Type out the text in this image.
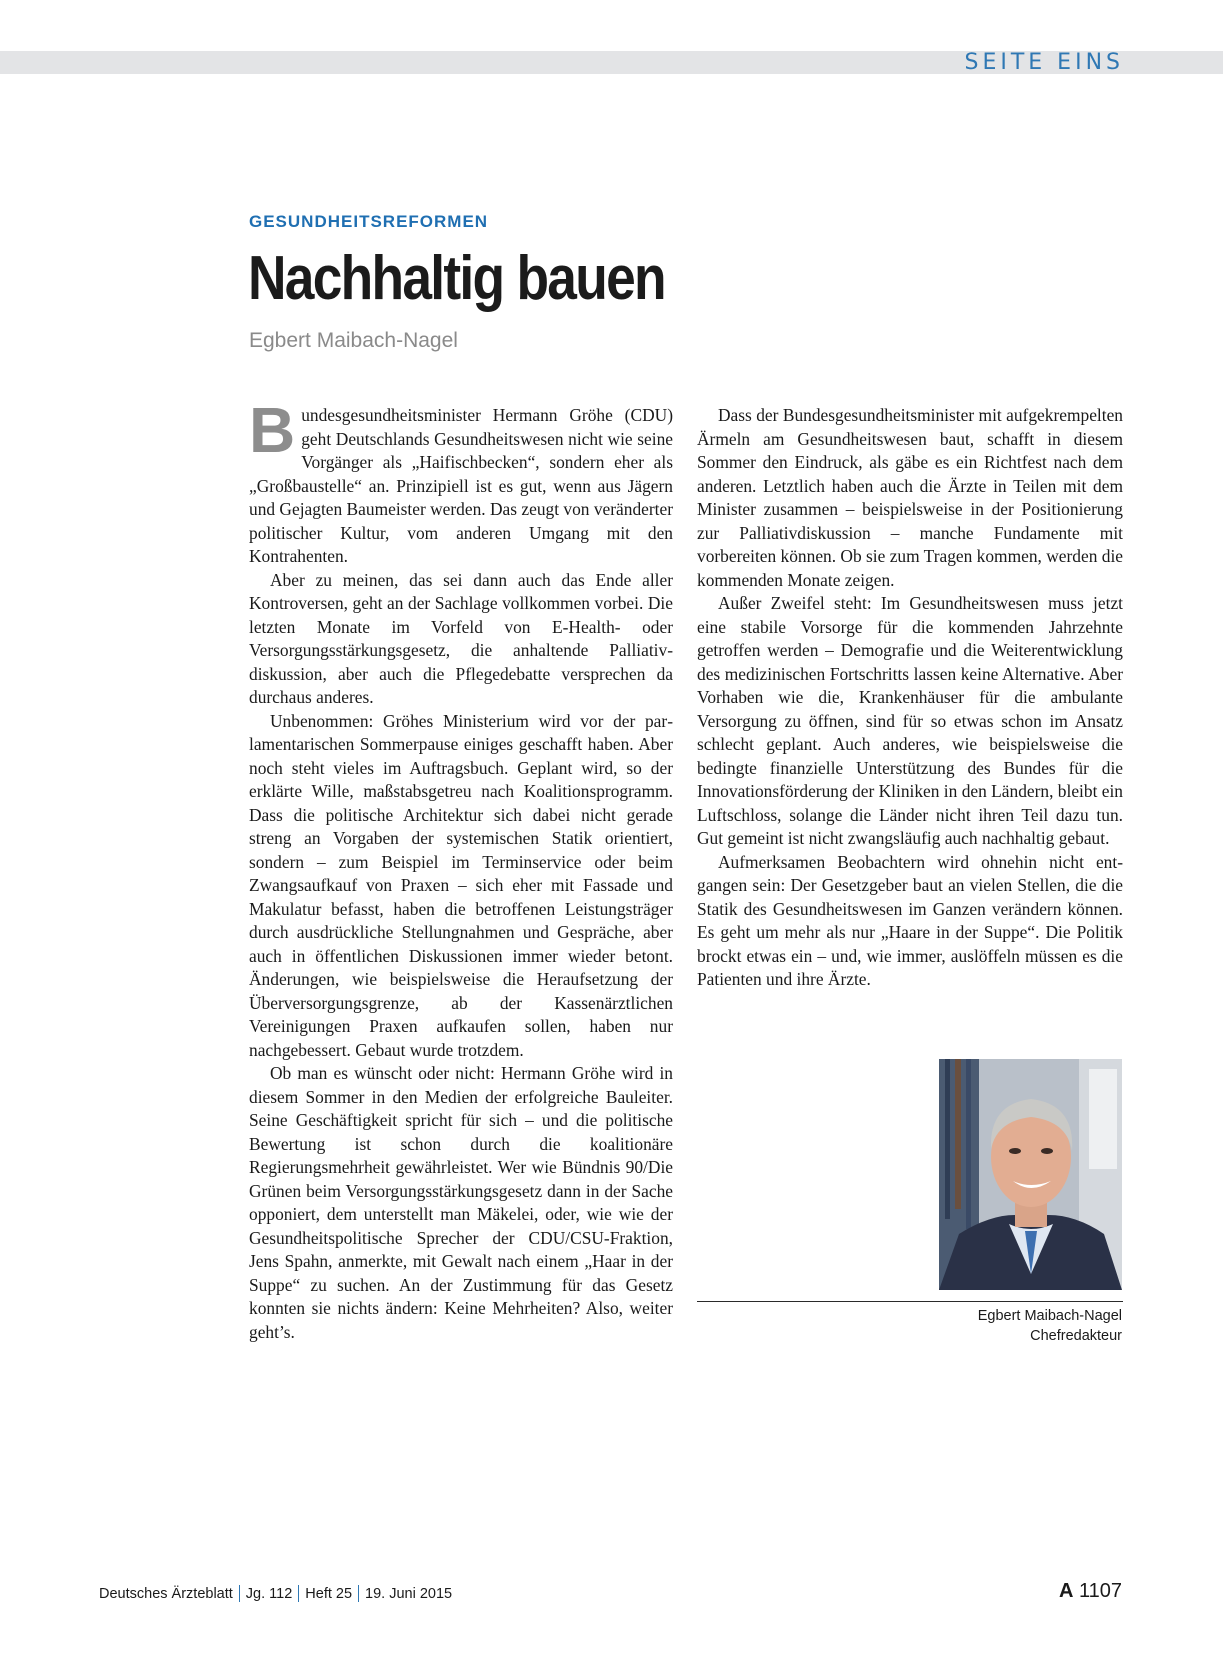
SEITE EINS
GESUNDHEITSREFORMEN
Nachhaltig bauen
Egbert Maibach-Nagel

Bundesgesundheitsminister Hermann Gröhe (CDU) geht Deutschlands Gesundheitswesen nicht wie seine Vorgänger als „Haifischbecken“, sondern eher als „Großbaustelle“ an. Prinzipiell ist es gut, wenn aus Jägern und Gejagten Baumeister werden. Das zeugt von veränderter politischer Kultur, vom anderen Umgang mit den Kontrahenten.

Aber zu meinen, das sei dann auch das Ende aller Kontroversen, geht an der Sachlage vollkommen vorbei. Die letzten Monate im Vorfeld von E-Health- oder Versorgungsstärkungsgesetz, die anhaltende Palliativdiskussion, aber auch die Pflegedebatte versprechen da durchaus anderes.

Unbenommen: Gröhes Ministerium wird vor der parlamentarischen Sommerpause einiges geschafft haben. Aber noch steht vieles im Auftragsbuch. Geplant wird, so der erklärte Wille, maßstabsgetreu nach Koalitionsprogramm. Dass die politische Architektur sich dabei nicht gerade streng an Vorgaben der systemischen Statik orientiert, sondern – zum Beispiel im Terminservice oder beim Zwangsaufkauf von Praxen – sich eher mit Fassade und Makulatur befasst, haben die betroffenen Leistungsträger durch ausdrückliche Stellungnahmen und Gespräche, aber auch in öffentlichen Diskussionen immer wieder betont. Änderungen, wie beispielsweise die Heraufsetzung der Überversorgungsgrenze, ab der Kassenärztlichen Vereinigungen Praxen aufkaufen sollen, haben nur nachgebessert. Gebaut wurde trotzdem.

Ob man es wünscht oder nicht: Hermann Gröhe wird in diesem Sommer in den Medien der erfolgreiche Bauleiter. Seine Geschäftigkeit spricht für sich – und die politische Bewertung ist schon durch die koalitionäre Regierungsmehrheit gewährleistet. Wer wie Bündnis 90/Die Grünen beim Versorgungsstärkungsgesetz dann in der Sache opponiert, dem unterstellt man Mäkelei, oder, wie wie der Gesundheitspolitische Sprecher der CDU/CSU-Fraktion, Jens Spahn, anmerkte, mit Gewalt nach einem „Haar in der Suppe“ zu suchen. An der Zustimmung für das Gesetz konnten sie nichts ändern: Keine Mehrheiten? Also, weiter geht’s.

Dass der Bundesgesundheitsminister mit aufgekrempelten Ärmeln am Gesundheitswesen baut, schafft in diesem Sommer den Eindruck, als gäbe es ein Richtfest nach dem anderen. Letztlich haben auch die Ärzte in Teilen mit dem Minister zusammen – beispielsweise in der Positionierung zur Palliativdiskussion – manche Fundamente mit vorbereiten können. Ob sie zum Tragen kommen, werden die kommenden Monate zeigen.

Außer Zweifel steht: Im Gesundheitswesen muss jetzt eine stabile Vorsorge für die kommenden Jahrzehnte getroffen werden – Demografie und die Weiterentwicklung des medizinischen Fortschritts lassen keine Alternative. Aber Vorhaben wie die, Krankenhäuser für die ambulante Versorgung zu öffnen, sind für so etwas schon im Ansatz schlecht geplant. Auch anderes, wie beispielsweise die bedingte finanzielle Unterstützung des Bundes für die Innovationsförderung der Kliniken in den Ländern, bleibt ein Luftschloss, solange die Länder nicht ihren Teil dazu tun. Gut gemeint ist nicht zwangsläufig auch nachhaltig gebaut.

Aufmerksamen Beobachtern wird ohnehin nicht entgangen sein: Der Gesetzgeber baut an vielen Stellen, die die Statik des Gesundheitswesen im Ganzen verändern können. Es geht um mehr als nur „Haare in der Suppe“. Die Politik brockt etwas ein – und, wie immer, auslöffeln müssen es die Patienten und ihre Ärzte.

Egbert Maibach-Nagel
Chefredakteur
Deutsches Ärzteblatt Jg. 112 Heft 25 19. Juni 2015	A 1107
